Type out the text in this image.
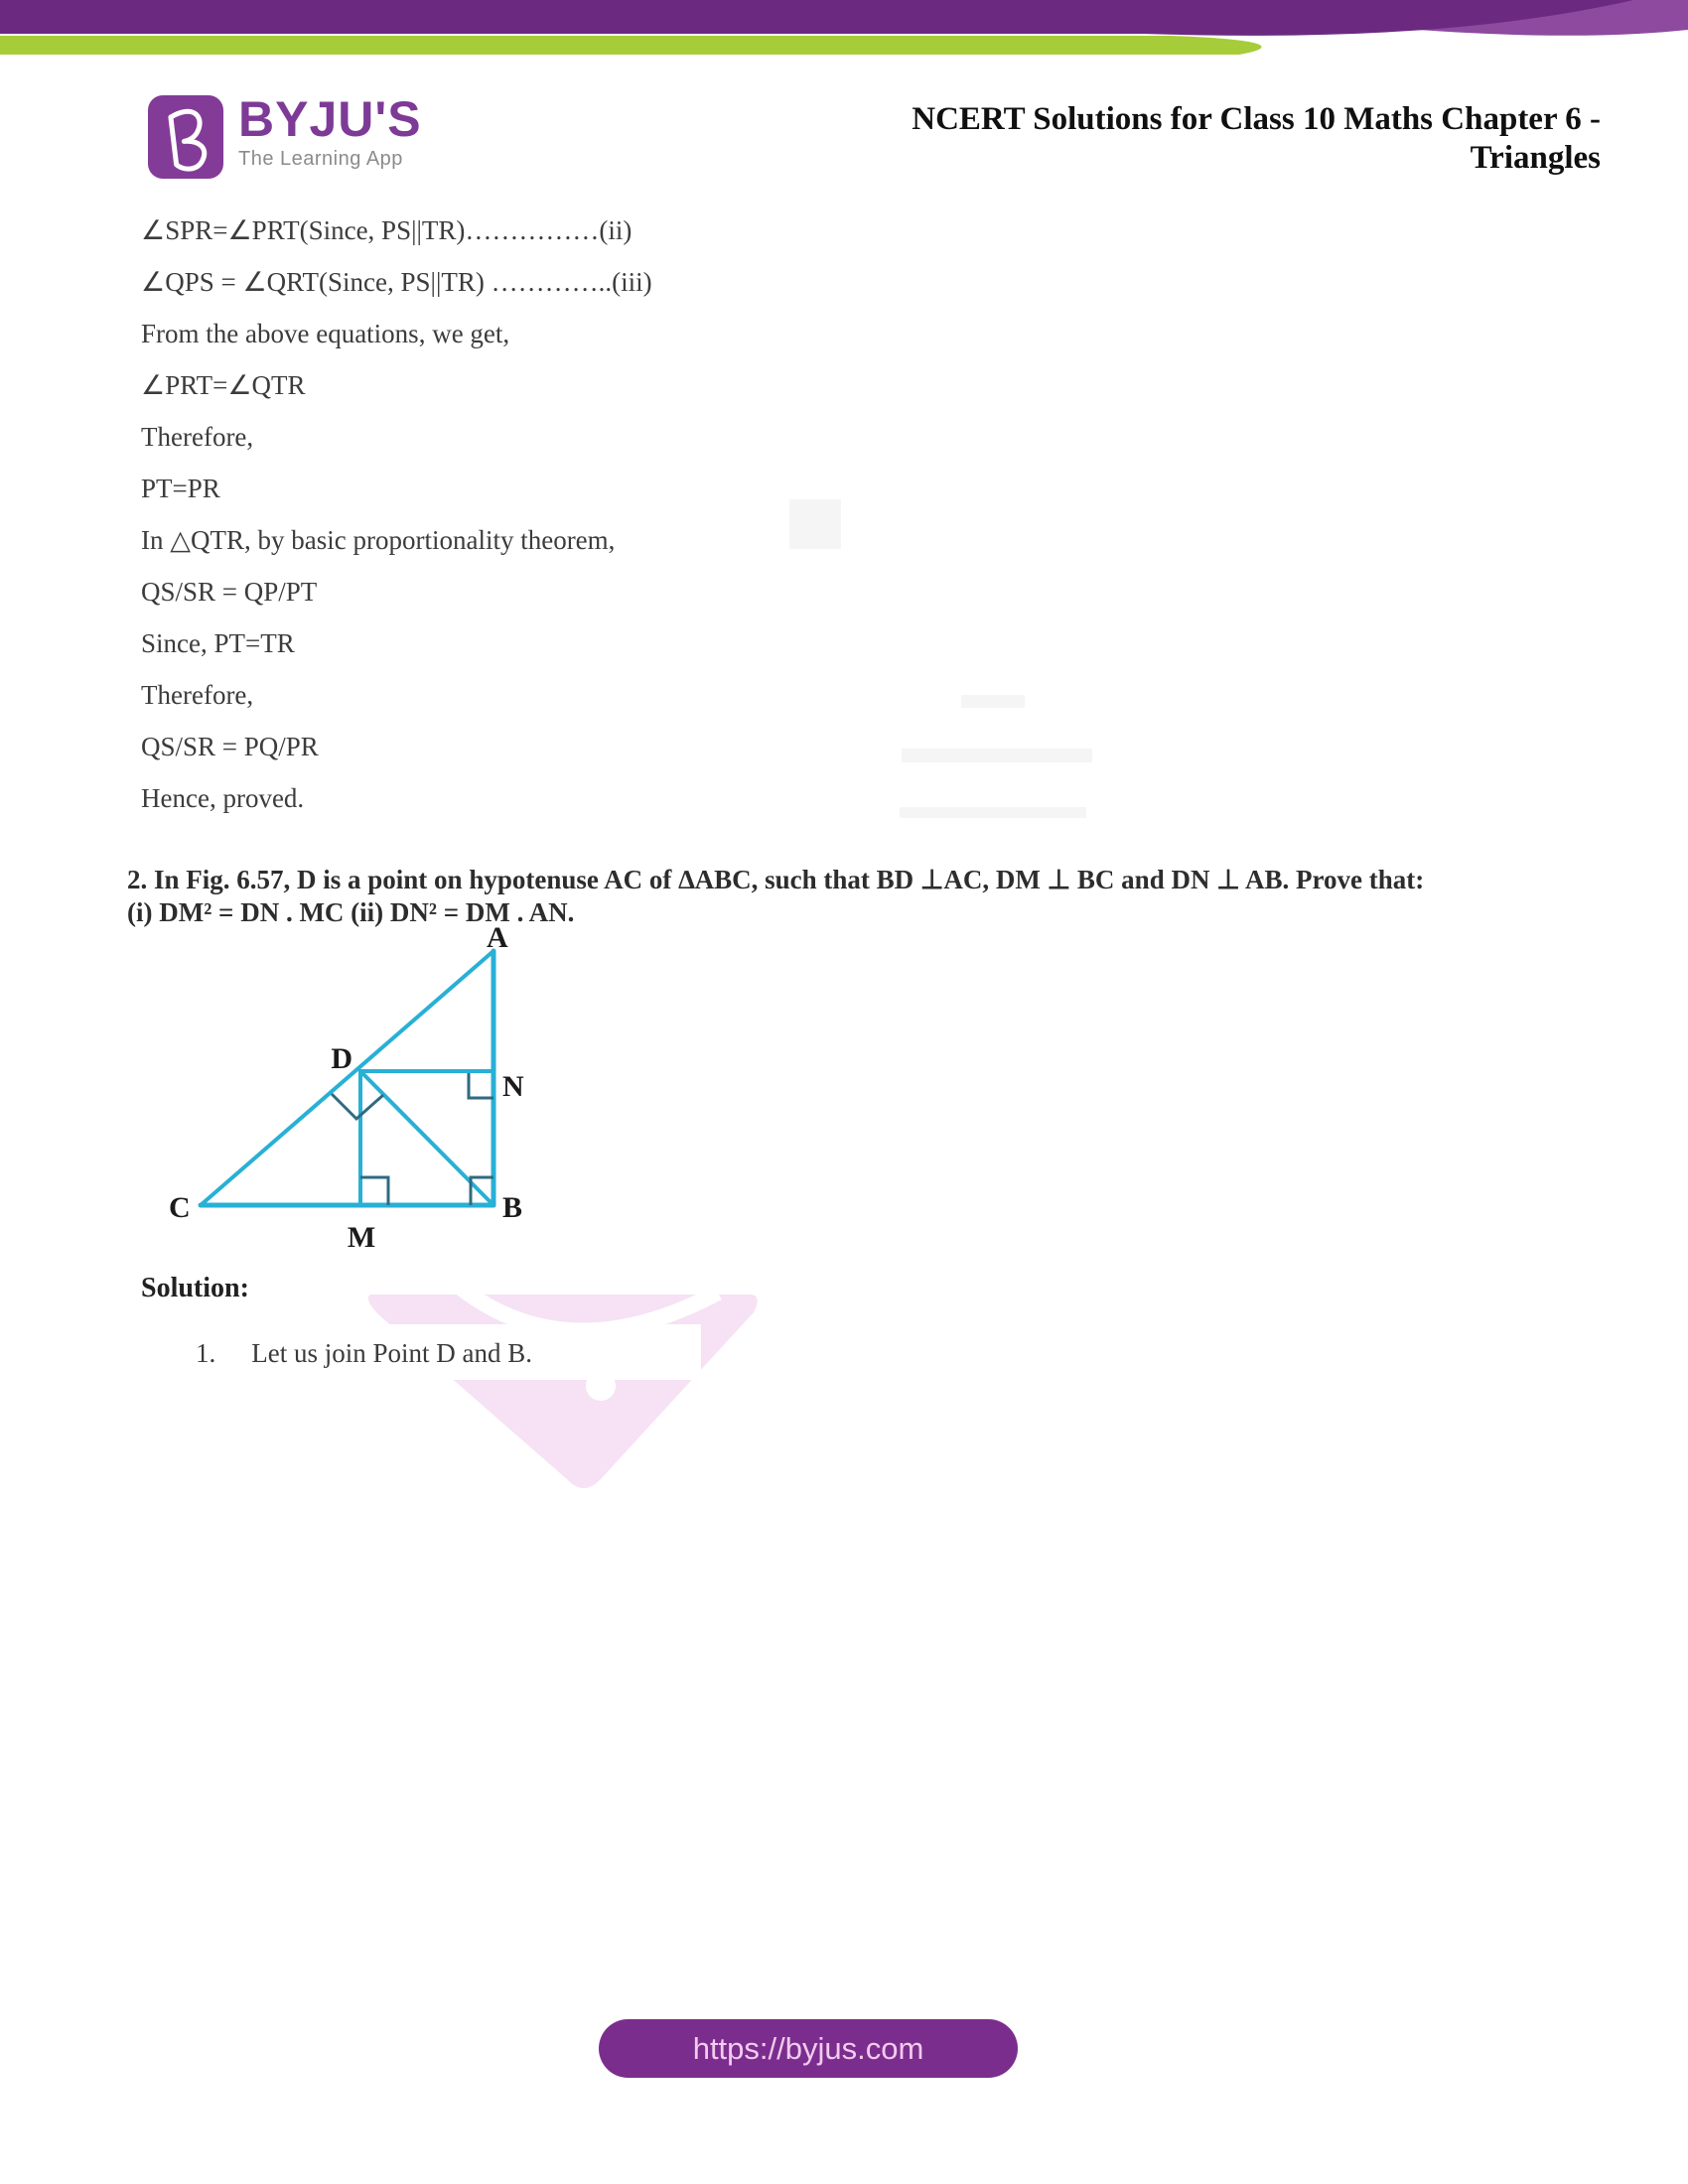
BYJU'S
The Learning App
NCERT Solutions for Class 10 Maths Chapter 6 -
Triangles

∠SPR=∠PRT(Since, PS||TR)……………(ii)

∠QPS = ∠QRT(Since, PS||TR) …………..(iii)

From the above equations, we get,

∠PRT=∠QTR

Therefore,

PT=PR

In △QTR, by basic proportionality theorem,

QS/SR = QP/PT

Since, PT=TR

Therefore,

QS/SR = PQ/PR

Hence, proved.

2. In Fig. 6.57, D is a point on hypotenuse AC of ∆ABC, such that BD ⊥AC, DM ⊥ BC and DN ⊥ AB. Prove that:
(i) DM² = DN . MC (ii) DN² = DM . AN.
A
B
C
D
M
N
Solution:
1. Let us join Point D and B.
https://byjus.com
